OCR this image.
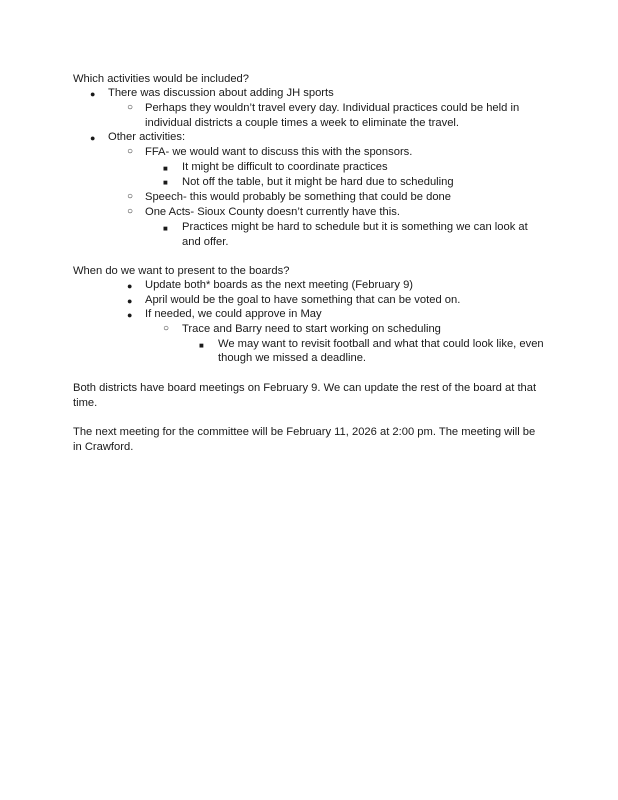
Which activities would be included?
● There was discussion about adding JH sports
○ Perhaps they wouldn’t travel every day. Individual practices could be held in
individual districts a couple times a week to eliminate the travel.
● Other activities:
○ FFA- we would want to discuss this with the sponsors.
■ It might be difficult to coordinate practices
■ Not off the table, but it might be hard due to scheduling
○ Speech- this would probably be something that could be done
○ One Acts- Sioux County doesn’t currently have this.
■ Practices might be hard to schedule but it is something we can look at
and offer.
When do we want to present to the boards?
● Update both* boards as the next meeting (February 9)
● April would be the goal to have something that can be voted on.
● If needed, we could approve in May
○ Trace and Barry need to start working on scheduling
■ We may want to revisit football and what that could look like, even
though we missed a deadline.
Both districts have board meetings on February 9. We can update the rest of the board at that
time.
The next meeting for the committee will be February 11, 2026 at 2:00 pm. The meeting will be
in Crawford.
